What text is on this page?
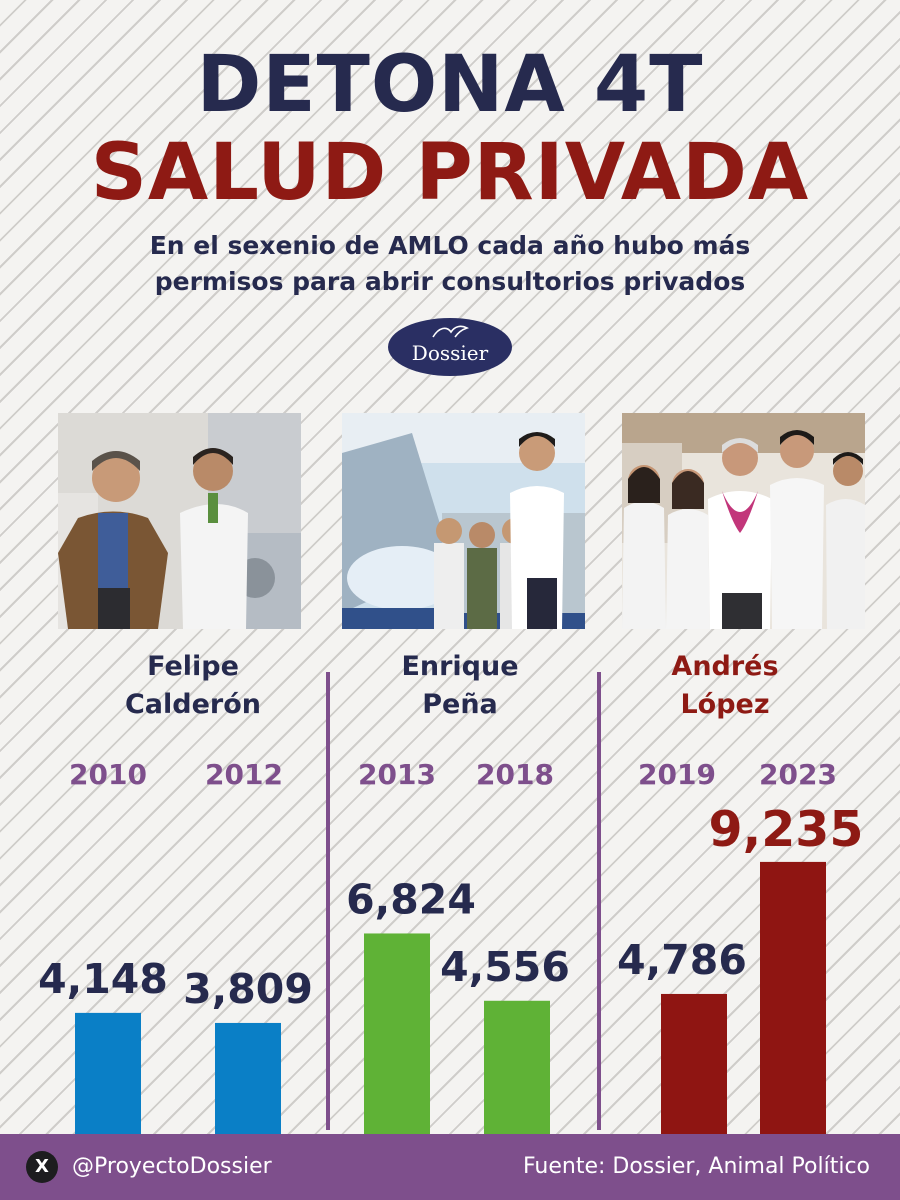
DETONA 4T
SALUD PRIVADA

En el sexenio de AMLO cada año hubo más
permisos para abrir consultorios privados

Dossier
Felipe
Calderón
Enrique
Peña
Andrés
López
4,148
2010
3,809
2012
6,824
2013
4,556
2018
4,786
2019
9,235
2023
X	@ProyectoDossier	Fuente: Dossier, Animal Político
